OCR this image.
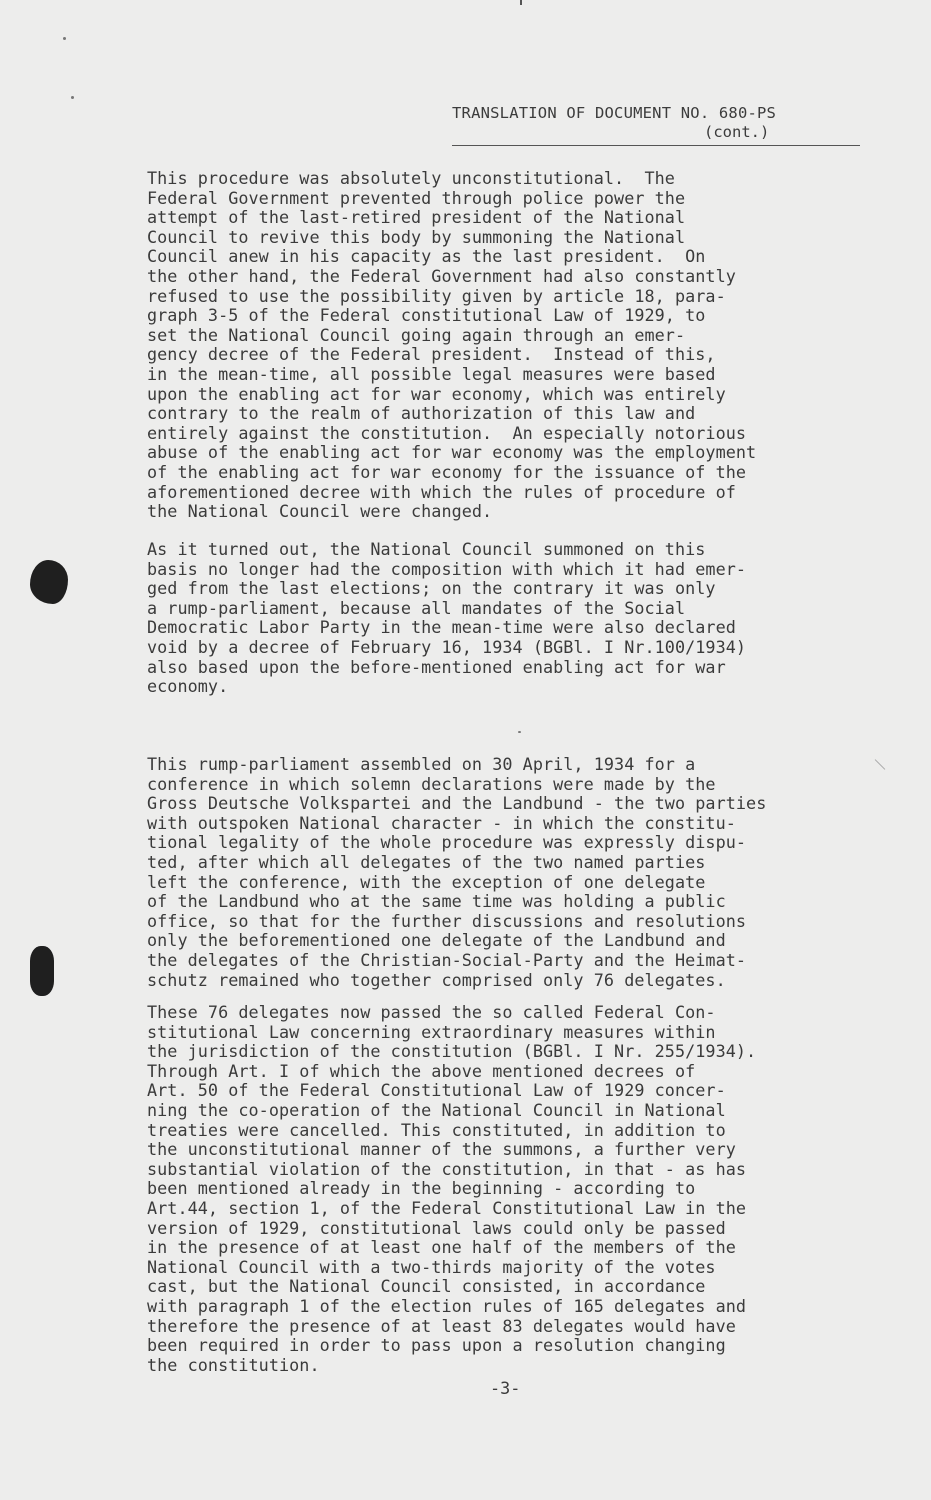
TRANSLATION OF DOCUMENT NO. 680-PS
(cont.)

This procedure was absolutely unconstitutional.  The
Federal Government prevented through police power the
attempt of the last-retired president of the National
Council to revive this body by summoning the National
Council anew in his capacity as the last president.  On
the other hand, the Federal Government had also constantly
refused to use the possibility given by article 18, para-
graph 3-5 of the Federal constitutional Law of 1929, to
set the National Council going again through an emer-
gency decree of the Federal president.  Instead of this,
in the mean-time, all possible legal measures were based
upon the enabling act for war economy, which was entirely
contrary to the realm of authorization of this law and
entirely against the constitution.  An especially notorious
abuse of the enabling act for war economy was the employment
of the enabling act for war economy for the issuance of the
aforementioned decree with which the rules of procedure of
the National Council were changed.

As it turned out, the National Council summoned on this
basis no longer had the composition with which it had emer-
ged from the last elections; on the contrary it was only
a rump-parliament, because all mandates of the Social
Democratic Labor Party in the mean-time were also declared
void by a decree of February 16, 1934 (BGBl. I Nr.100/1934)
also based upon the before-mentioned enabling act for war
economy.

This rump-parliament assembled on 30 April, 1934 for a
conference in which solemn declarations were made by the
Gross Deutsche Volkspartei and the Landbund - the two parties
with outspoken National character - in which the constitu-
tional legality of the whole procedure was expressly dispu-
ted, after which all delegates of the two named parties
left the conference, with the exception of one delegate
of the Landbund who at the same time was holding a public
office, so that for the further discussions and resolutions
only the beforementioned one delegate of the Landbund and
the delegates of the Christian-Social-Party and the Heimat-
schutz remained who together comprised only 76 delegates.

These 76 delegates now passed the so called Federal Con-
stitutional Law concerning extraordinary measures within
the jurisdiction of the constitution (BGBl. I Nr. 255/1934).
Through Art. I of which the above mentioned decrees of
Art. 50 of the Federal Constitutional Law of 1929 concer-
ning the co-operation of the National Council in National
treaties were cancelled. This constituted, in addition to
the unconstitutional manner of the summons, a further very
substantial violation of the constitution, in that - as has
been mentioned already in the beginning - according to
Art.44, section 1, of the Federal Constitutional Law in the
version of 1929, constitutional laws could only be passed
in the presence of at least one half of the members of the
National Council with a two-thirds majority of the votes
cast, but the National Council consisted, in accordance
with paragraph 1 of the election rules of 165 delegates and
therefore the presence of at least 83 delegates would have
been required in order to pass upon a resolution changing
the constitution.

-3-
